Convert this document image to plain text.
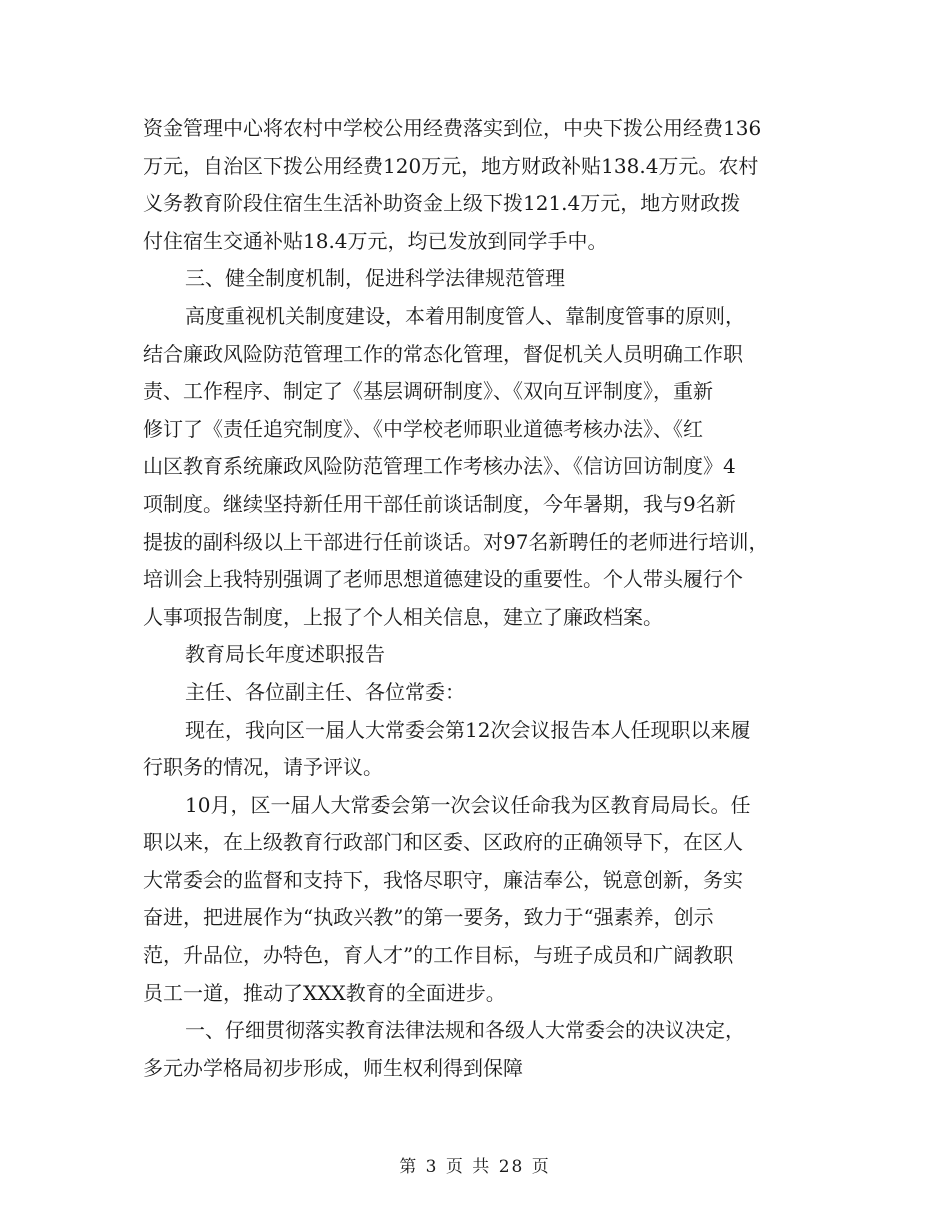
资金管理中心将农村中学校公用经费落实到位，中央下拨公用经费136
万元，自治区下拨公用经费120万元，地方财政补贴138.4万元。农村
义务教育阶段住宿生生活补助资金上级下拨121.4万元，地方财政拨
付住宿生交通补贴18.4万元，均已发放到同学手中。
三、健全制度机制，促进科学法律规范管理
高度重视机关制度建设，本着用制度管人、靠制度管事的原则，
结合廉政风险防范管理工作的常态化管理，督促机关人员明确工作职
责、工作程序、制定了《基层调研制度》、《双向互评制度》，重新
修订了《责任追究制度》、《中学校老师职业道德考核办法》、《红
山区教育系统廉政风险防范管理工作考核办法》、《信访回访制度》4
项制度。继续坚持新任用干部任前谈话制度，今年暑期，我与9名新
提拔的副科级以上干部进行任前谈话。对97名新聘任的老师进行培训，
培训会上我特别强调了老师思想道德建设的重要性。个人带头履行个
人事项报告制度，上报了个人相关信息，建立了廉政档案。
教育局长年度述职报告
主任、各位副主任、各位常委：
现在，我向区一届人大常委会第12次会议报告本人任现职以来履
行职务的情况，请予评议。
10月，区一届人大常委会第一次会议任命我为区教育局局长。任
职以来，在上级教育行政部门和区委、区政府的正确领导下，在区人
大常委会的监督和支持下，我恪尽职守，廉洁奉公，锐意创新，务实
奋进，把进展作为“执政兴教”的第一要务，致力于“强素养，创示
范，升品位，办特色，育人才”的工作目标，与班子成员和广阔教职
员工一道，推动了XXX教育的全面进步。
一、仔细贯彻落实教育法律法规和各级人大常委会的决议决定，
多元办学格局初步形成，师生权利得到保障
第 3 页 共 28 页
